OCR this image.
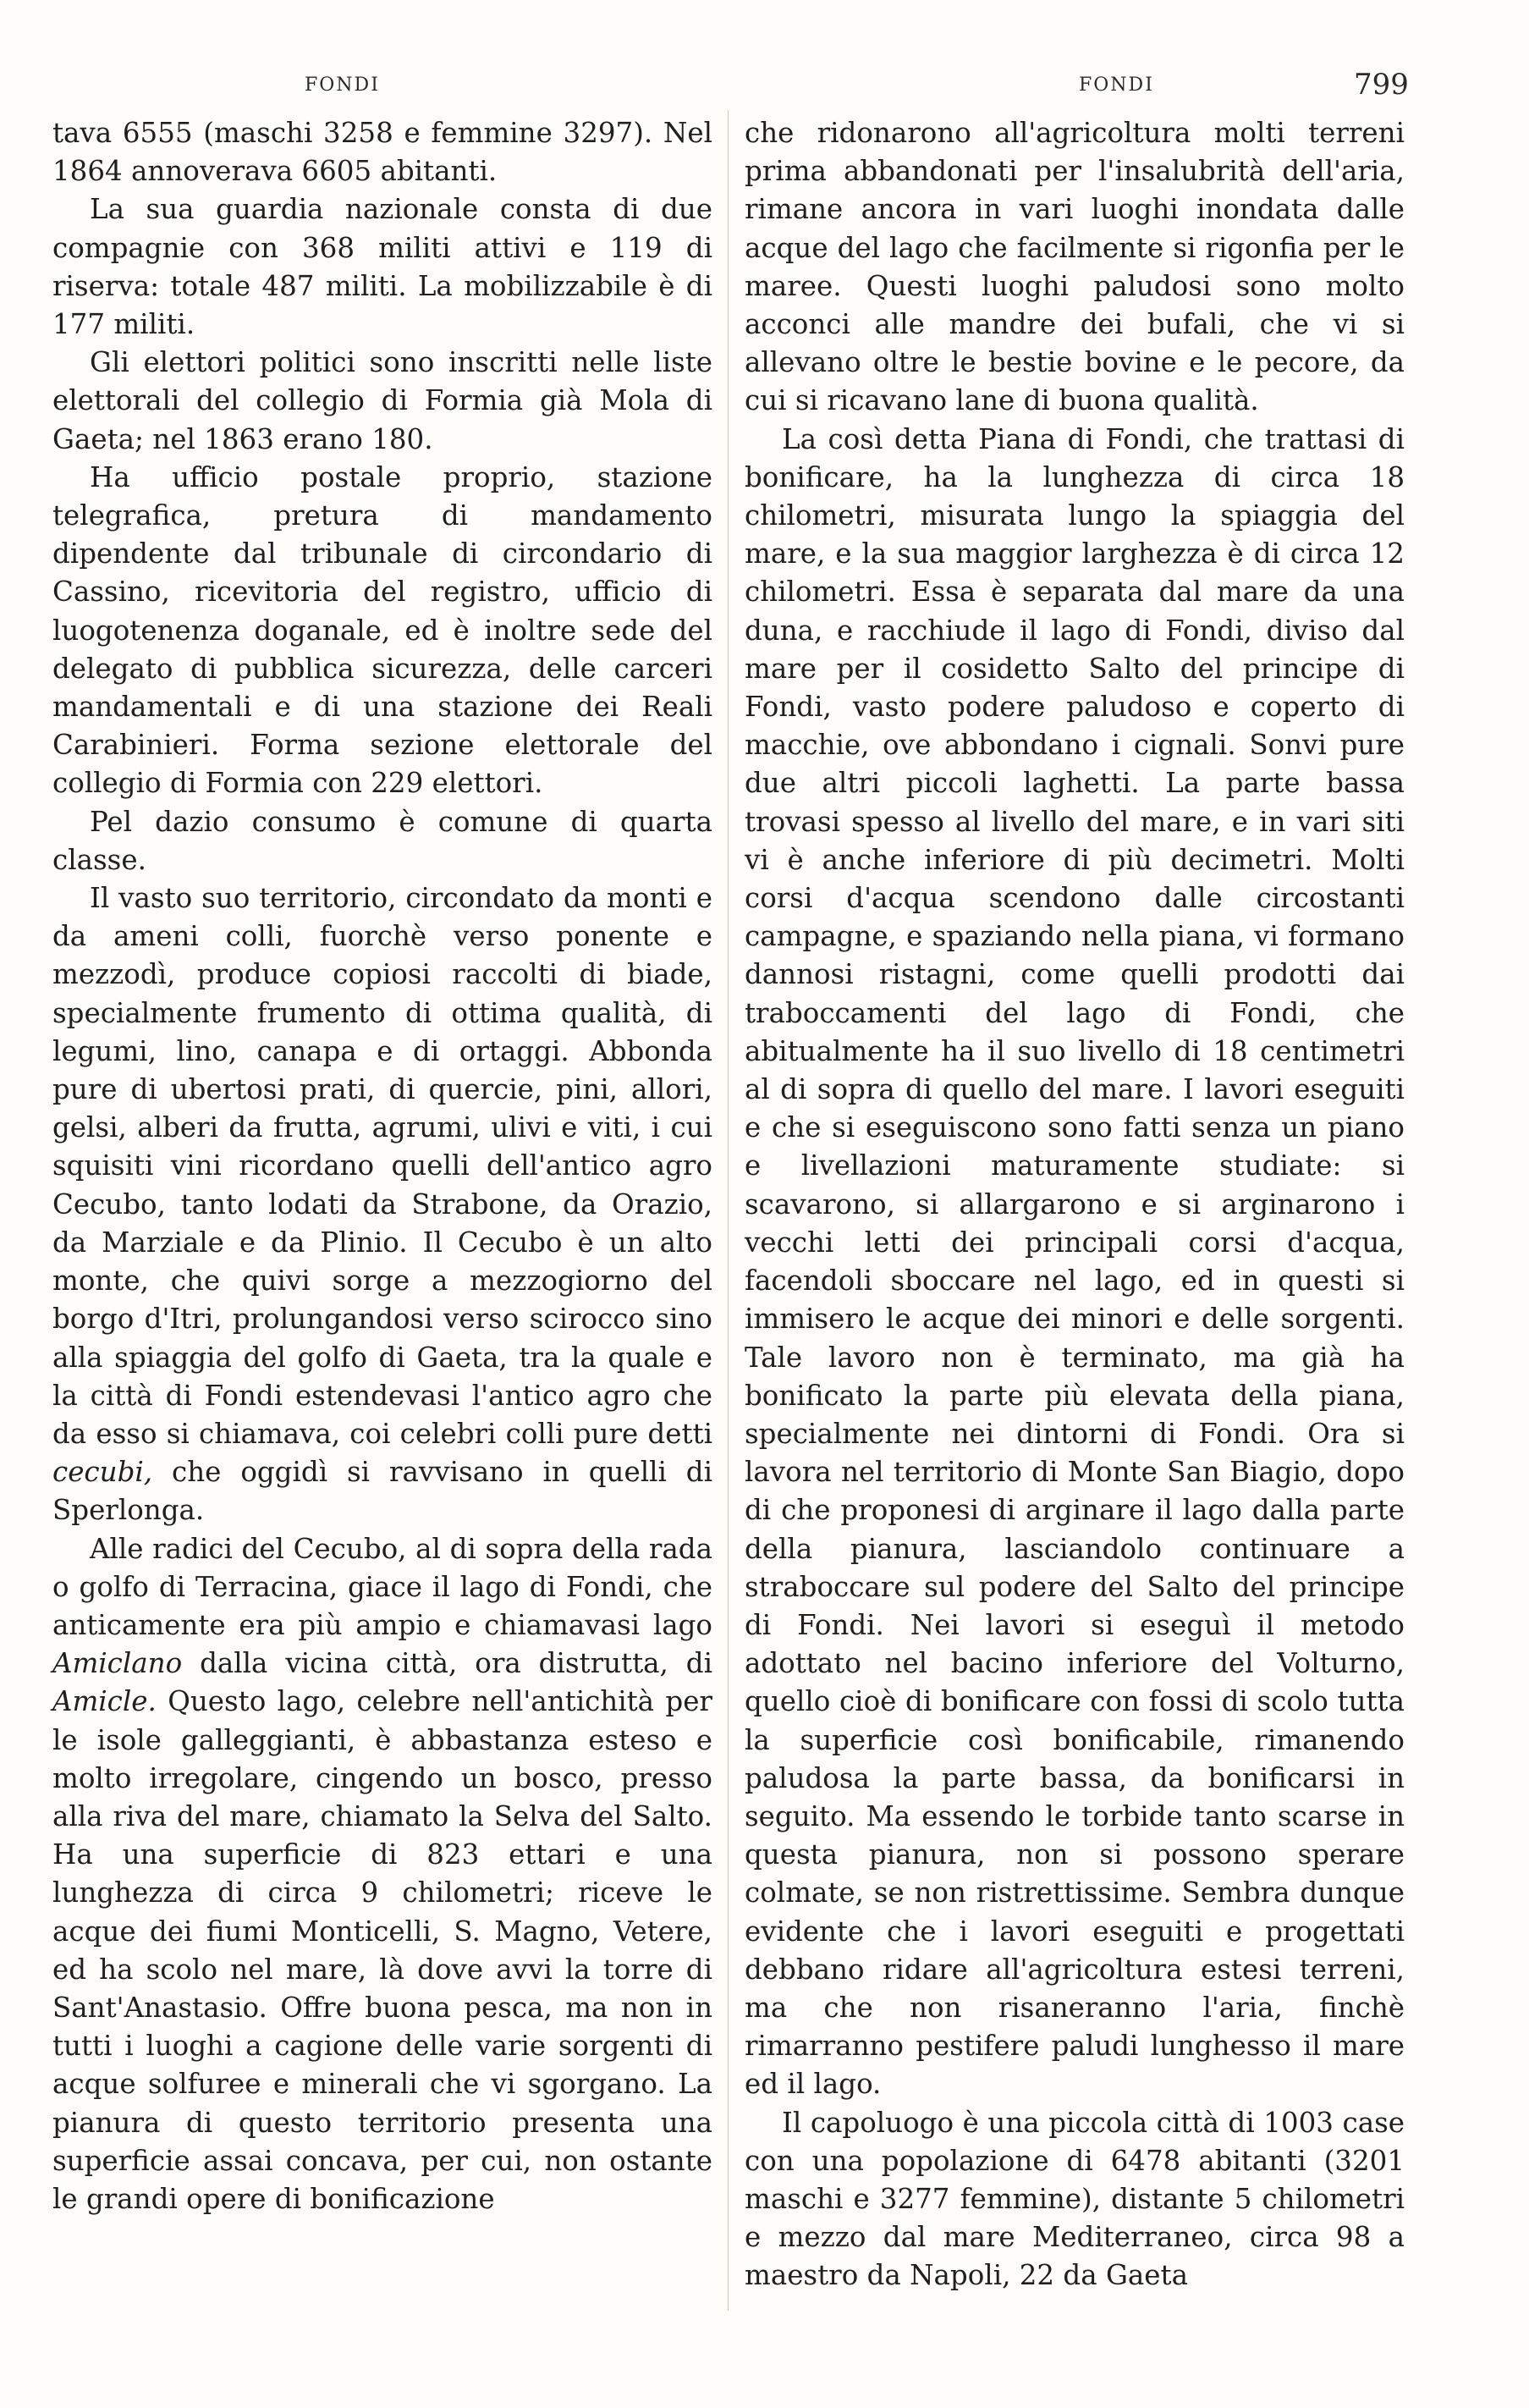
FONDI	FONDI	799

tava 6555 (maschi 3258 e femmine 3297). Nel 1864 annoverava 6605 abitanti.

La sua guardia nazionale consta di due compagnie con 368 militi attivi e 119 di riserva: totale 487 militi. La mobilizzabile è di 177 militi.

Gli elettori politici sono inscritti nelle liste elettorali del collegio di Formia già Mola di Gaeta; nel 1863 erano 180.

Ha ufficio postale proprio, stazione telegrafica, pretura di mandamento dipendente dal tribunale di circondario di Cassino, ricevitoria del registro, ufficio di luogotenenza doganale, ed è inoltre sede del delegato di pubblica sicurezza, delle carceri mandamentali e di una stazione dei Reali Carabinieri. Forma sezione elettorale del collegio di Formia con 229 elettori.

Pel dazio consumo è comune di quarta classe.

Il vasto suo territorio, circondato da monti e da ameni colli, fuorchè verso ponente e mezzodì, produce copiosi raccolti di biade, specialmente frumento di ottima qualità, di legumi, lino, canapa e di ortaggi. Abbonda pure di ubertosi prati, di quercie, pini, allori, gelsi, alberi da frutta, agrumi, ulivi e viti, i cui squisiti vini ricordano quelli dell'antico agro Cecubo, tanto lodati da Strabone, da Orazio, da Marziale e da Plinio. Il Cecubo è un alto monte, che quivi sorge a mezzogiorno del borgo d'Itri, prolungandosi verso scirocco sino alla spiaggia del golfo di Gaeta, tra la quale e la città di Fondi estendevasi l'antico agro che da esso si chiamava, coi celebri colli pure detti cecubi, che oggidì si ravvisano in quelli di Sperlonga.

Alle radici del Cecubo, al di sopra della rada o golfo di Terracina, giace il lago di Fondi, che anticamente era più ampio e chiamavasi lago Amiclano dalla vicina città, ora distrutta, di Amicle. Questo lago, celebre nell'antichità per le isole galleggianti, è abbastanza esteso e molto irregolare, cingendo un bosco, presso alla riva del mare, chiamato la Selva del Salto. Ha una superficie di 823 ettari e una lunghezza di circa 9 chilometri; riceve le acque dei fiumi Monticelli, S. Magno, Vetere, ed ha scolo nel mare, là dove avvi la torre di Sant'Anastasio. Offre buona pesca, ma non in tutti i luoghi a cagione delle varie sorgenti di acque solfuree e minerali che vi sgorgano. La pianura di questo territorio presenta una superficie assai concava, per cui, non ostante le grandi opere di bonificazione

che ridonarono all'agricoltura molti terreni prima abbandonati per l'insalubrità dell'aria, rimane ancora in vari luoghi inondata dalle acque del lago che facilmente si rigonfia per le maree. Questi luoghi paludosi sono molto acconci alle mandre dei bufali, che vi si allevano oltre le bestie bovine e le pecore, da cui si ricavano lane di buona qualità.

La così detta Piana di Fondi, che trattasi di bonificare, ha la lunghezza di circa 18 chilometri, misurata lungo la spiaggia del mare, e la sua maggior larghezza è di circa 12 chilometri. Essa è separata dal mare da una duna, e racchiude il lago di Fondi, diviso dal mare per il cosidetto Salto del principe di Fondi, vasto podere paludoso e coperto di macchie, ove abbondano i cignali. Sonvi pure due altri piccoli laghetti. La parte bassa trovasi spesso al livello del mare, e in vari siti vi è anche inferiore di più decimetri. Molti corsi d'acqua scendono dalle circostanti campagne, e spaziando nella piana, vi formano dannosi ristagni, come quelli prodotti dai traboccamenti del lago di Fondi, che abitualmente ha il suo livello di 18 centimetri al di sopra di quello del mare. I lavori eseguiti e che si eseguiscono sono fatti senza un piano e livellazioni maturamente studiate: si scavarono, si allargarono e si arginarono i vecchi letti dei principali corsi d'acqua, facendoli sboccare nel lago, ed in questi si immisero le acque dei minori e delle sorgenti. Tale lavoro non è terminato, ma già ha bonificato la parte più elevata della piana, specialmente nei dintorni di Fondi. Ora si lavora nel territorio di Monte San Biagio, dopo di che proponesi di arginare il lago dalla parte della pianura, lasciandolo continuare a straboccare sul podere del Salto del principe di Fondi. Nei lavori si eseguì il metodo adottato nel bacino inferiore del Volturno, quello cioè di bonificare con fossi di scolo tutta la superficie così bonificabile, rimanendo paludosa la parte bassa, da bonificarsi in seguito. Ma essendo le torbide tanto scarse in questa pianura, non si possono sperare colmate, se non ristrettissime. Sembra dunque evidente che i lavori eseguiti e progettati debbano ridare all'agricoltura estesi terreni, ma che non risaneranno l'aria, finchè rimarranno pestifere paludi lunghesso il mare ed il lago.

Il capoluogo è una piccola città di 1003 case con una popolazione di 6478 abitanti (3201 maschi e 3277 femmine), distante 5 chilometri e mezzo dal mare Mediterraneo, circa 98 a maestro da Napoli, 22 da Gaeta
